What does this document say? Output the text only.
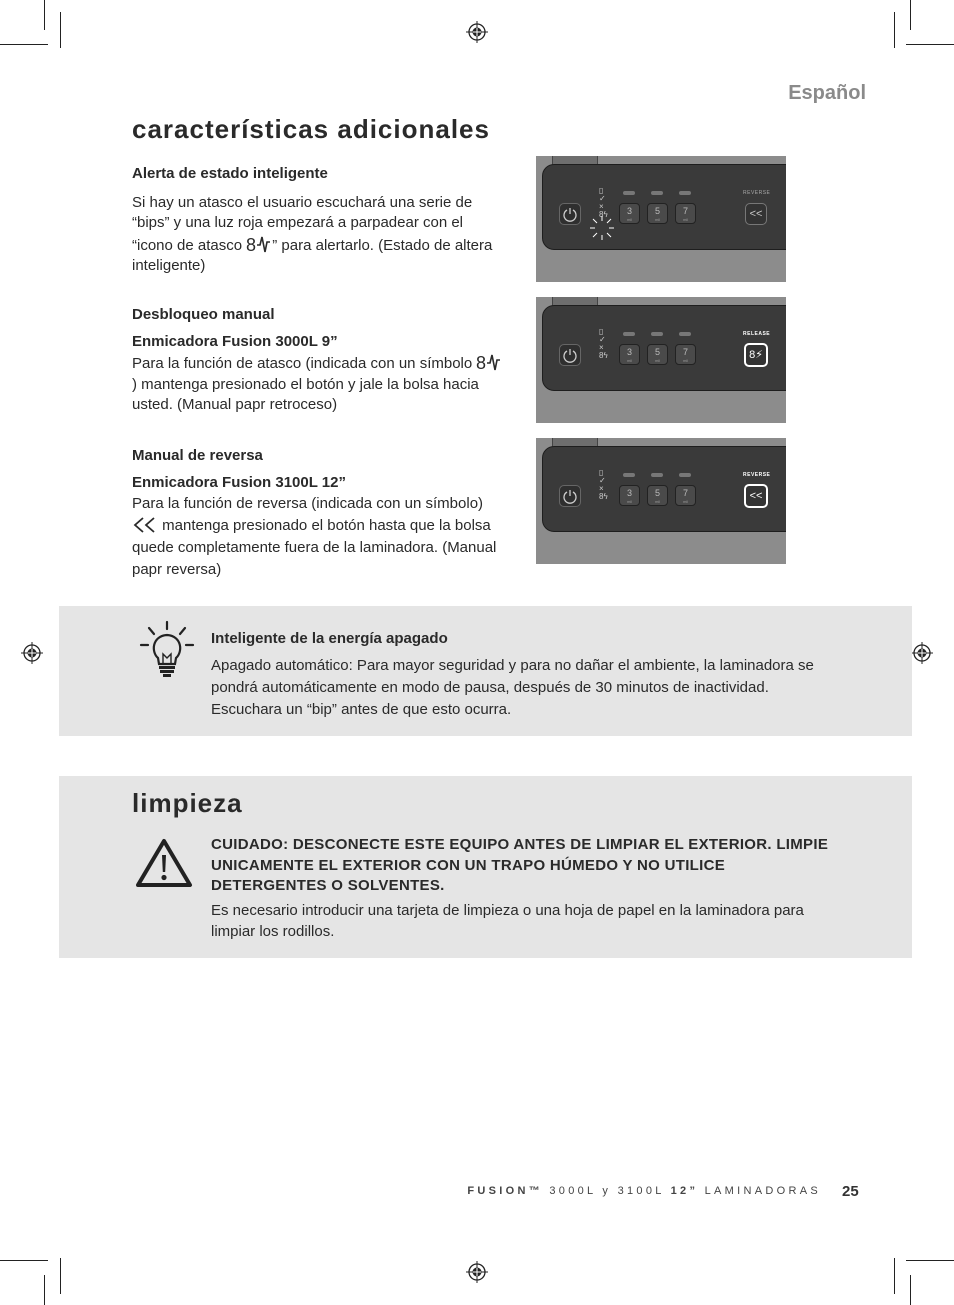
Español
características adicionales

Alerta de estado inteligente

Si hay un atasco el usuario escuchará una serie de “bips” y una luz roja empezará a parpadear con el “icono de atasco 8 ” para alertarlo. (Estado de altera inteligente)

Desbloqueo manual

Enmicadora Fusion 3000L 9”

Para la función de atasco (indicada con un símbolo 8
) mantenga presionado el botón y jale la bolsa hacia usted. (Manual papr retroceso)

Manual de reversa

Enmicadora Fusion 3100L 12”

Para la función de reversa (indicada con un símbolo)  mantenga presionado el botón hasta que la bolsa quede completamente fuera de la laminadora. (Manual papr reversa)

▯
✓
×
8ϟ	3
mil
5
mil
7
mil
REVERSE
<<
▯
✓
×
8ϟ	3
mil
5
mil
7
mil
RELEASE
8⚡
▯
✓
×
8ϟ	3
mil
5
mil
7
mil
REVERSE
<<
Inteligente de la energía apagado

Apagado automático: Para mayor seguridad y para no dañar el ambiente, la laminadora se pondrá automáticamente en modo de pausa, después de 30 minutos de inactividad. Escuchara un “bip” antes de que esto ocurra.

limpieza

CUIDADO: DESCONECTE ESTE EQUIPO ANTES DE LIMPIAR EL EXTERIOR. LIMPIE UNICAMENTE EL EXTERIOR CON UN TRAPO HÚMEDO Y NO UTILICE DETERGENTES O SOLVENTES.

Es necesario introducir una tarjeta de limpieza o una hoja de papel en la laminadora para limpiar los rodillos.

FUSION™ 3000L y 3100L 12” LAMINADORAS 25
